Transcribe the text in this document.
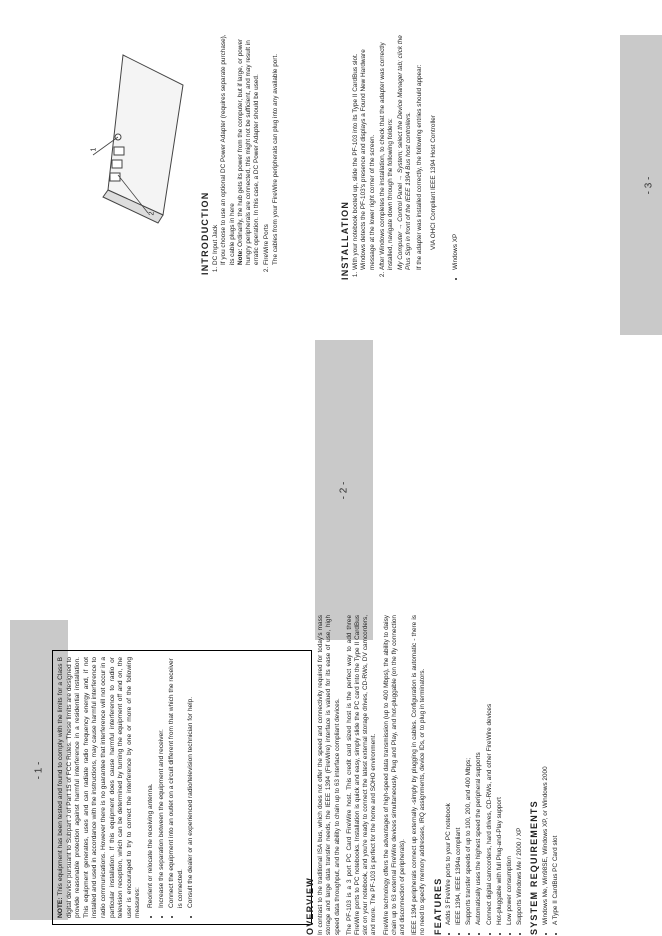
- 1 -
- 2 -
- 3 -

NOTE: This equipment has been tested and found to comply with the limits for a Class B digital device pursuant to Subpart J of Part 15 of FCC Rules. These limits are designed to provide reasonable protection against harmful interference in a residential installation. This equipment generates, uses and can radiate radio frequency energy and, if not installed and used in accordance with the instructions, may cause harmful interference to radio communications. However there is no guarantee that interference will not occur in a particular installation. If this equipment does cause harmful interference to radio or television reception, which can be determined by turning the equipment off and on, the user is encouraged to try to correct the interference by one or more of the following measures: • Reorient or relocate the receiving antenna. • Increase the separation between the equipment and receiver. • Connect the equipment into an outlet on a circuit different from that which the receiver is connected. • Consult the dealer or an experienced radio/television technician for help.	OVERVIEW In contrast to the traditional ISA bus, which does not offer the speed and connectivity required for today's mass storage and large data transfer needs, the IEEE 1394 (FireWire) interface is valued for its ease of use, high speed data throughput, and the ability to chain up to 63 interface compliant devices. The PF-103 is a 3 port PC Card FireWire host. This credit card sized host is the perfect way to add three FireWire ports to PC notebooks. Installation is quick and easy, simply slide the PC card into the Type II CardBus slot on your notebook, and you're ready to connect the latest external storage drives, CD-RWs, DV camcorders, and more. The PF-103 is perfect for the home and SOHO environment. FireWire technology offers the advantages of high-speed data transmission (up to 400 Mbps), the ability to daisy chain up to 63 external FireWire devices simultaneously, Plug and Play, and hot-pluggable (on the fly connection and disconnection of peripherals). IEEE 1394 peripherals connect up externally -simply by plugging in cables. Configuration is automatic - there is no need to specify memory addresses, IRQ assignments, device IDs, or to plug in terminators. FEATURES • Adds 3 FireWire ports to your PC notebook • IEEE 1394, IEEE 1394a compliant • Supports transfer speeds of up to 100, 200, and 400 Mbps; • Automatically uses the highest speed the peripheral supports • Connect digital camcorders, hard drives, CD-RWs, and other FireWire devices • Hot-pluggable with full Plug-and-Play support • Low power consumption • Supports Windows Me / 2000 / XP SYSTEM REQUIREMENTS • Windows Me, Win98SE, Windows XP, or Windows 2000 • A Type II CardBus PC Card slot
1
2	INTRODUCTION 1. DC Input Jack If you choose to use an optional DC Power Adapter (requires separate purchase), its cable plugs in here Note: Ordinarily, the hub gets its power from the computer, but if large, or power hungry peripherals are connected, this might not be sufficient, and may result in erratic operation. In this case, a DC Power Adapter should be used. 2. FireWire Ports The cables from your FireWire peripherals can plug into any available port.	INSTALLATION 1. With your notebook booted up, slide the PF-103 into its Type II CardBus slot. Windows detects the PF-103's presence and displays a Found New Hardware message at the lower right corner of the screen. 2. After Windows completes the installation, to check that the adapter was correctly installed, navigate down through the following folders: My Computer → Control Panel → System; select the Device Manager tab; click the Plus Sign in front of the IEEE 1394 Bus host controllers. If the adapter was installed correctly, the following entries should appear: VIA OHCI Compliant IEEE 1394 Host Controller
• Windows XP
